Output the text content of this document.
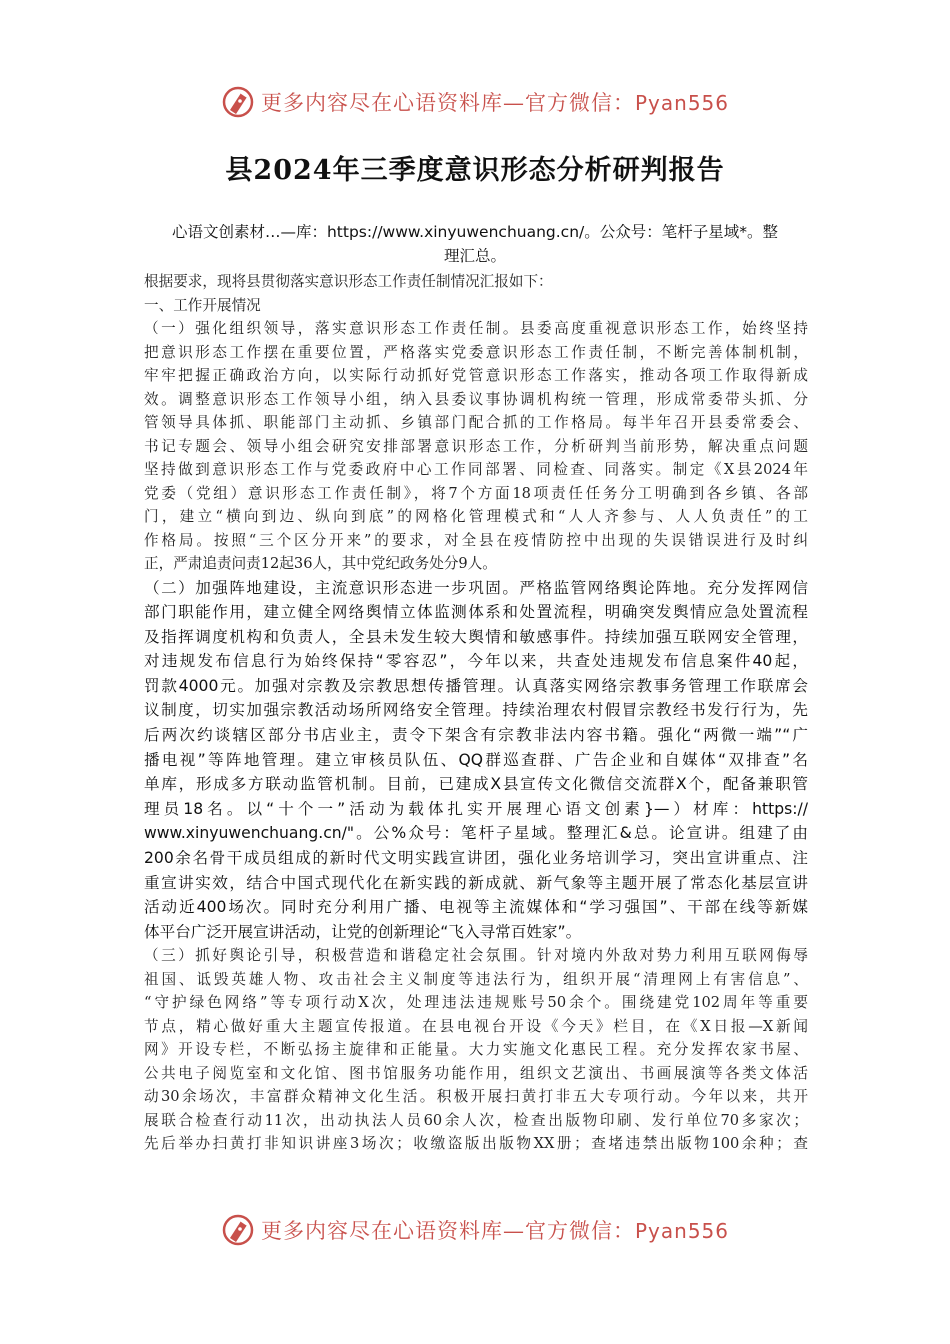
更多内容尽在心语资料库—官方微信：Pyan556
县2024年三季度意识形态分析研判报告
心语文创素材…—库：https://www.xinyuwenchuang.cn/。公众号：笔杆子星域*。整
理汇总。
根据要求，现将县贯彻落实意识形态工作责任制情况汇报如下：
一、工作开展情况
（一）强化组织领导，落实意识形态工作责任制。县委高度重视意识形态工作，始终坚持
把意识形态工作摆在重要位置，严格落实党委意识形态工作责任制，不断完善体制机制，
牢牢把握正确政治方向，以实际行动抓好党管意识形态工作落实，推动各项工作取得新成
效。调整意识形态工作领导小组，纳入县委议事协调机构统一管理，形成常委带头抓、分
管领导具体抓、职能部门主动抓、乡镇部门配合抓的工作格局。每半年召开县委常委会、
书记专题会、领导小组会研究安排部署意识形态工作，分析研判当前形势，解决重点问题
坚持做到意识形态工作与党委政府中心工作同部署、同检查、同落实。制定《X县2024年
党委（党组）意识形态工作责任制》，将7个方面18项责任任务分工明确到各乡镇、各部
门，建立“横向到边、纵向到底”的网格化管理模式和“人人齐参与、人人负责任”的工
作格局。按照“三个区分开来”的要求，对全县在疫情防控中出现的失误错误进行及时纠
正，严肃追责问责12起36人，其中党纪政务处分9人。
（二）加强阵地建设，主流意识形态进一步巩固。严格监管网络舆论阵地。充分发挥网信
部门职能作用，建立健全网络舆情立体监测体系和处置流程，明确突发舆情应急处置流程
及指挥调度机构和负责人，全县未发生较大舆情和敏感事件。持续加强互联网安全管理，
对违规发布信息行为始终保持“零容忍”，今年以来，共查处违规发布信息案件40起，
罚款4000元。加强对宗教及宗教思想传播管理。认真落实网络宗教事务管理工作联席会
议制度，切实加强宗教活动场所网络安全管理。持续治理农村假冒宗教经书发行行为，先
后两次约谈辖区部分书店业主，责令下架含有宗教非法内容书籍。强化“两微一端”“广
播电视”等阵地管理。建立审核员队伍、QQ群巡查群、广告企业和自媒体“双排查”名
单库，形成多方联动监管机制。目前，已建成X县宣传文化微信交流群X个，配备兼职管
理员18名。以“十个一”活动为载体扎实开展理心语文创素}—）材库：https://
www.xinyuwenchuang.cn/"。公%众号：笔杆子星域。整理汇&总。论宣讲。组建了由
200余名骨干成员组成的新时代文明实践宣讲团，强化业务培训学习，突出宣讲重点、注
重宣讲实效，结合中国式现代化在新实践的新成就、新气象等主题开展了常态化基层宣讲
活动近400场次。同时充分利用广播、电视等主流媒体和“学习强国”、干部在线等新媒
体平台广泛开展宣讲活动，让党的创新理论“飞入寻常百姓家”。
（三）抓好舆论引导，积极营造和谐稳定社会氛围。针对境内外敌对势力利用互联网侮辱
祖国、诋毁英雄人物、攻击社会主义制度等违法行为，组织开展“清理网上有害信息”、
“守护绿色网络”等专项行动X次，处理违法违规账号50余个。围绕建党102周年等重要
节点，精心做好重大主题宣传报道。在县电视台开设《今天》栏目，在《X日报—X新闻
网》开设专栏，不断弘扬主旋律和正能量。大力实施文化惠民工程。充分发挥农家书屋、
公共电子阅览室和文化馆、图书馆服务功能作用，组织文艺演出、书画展演等各类文体活
动30余场次，丰富群众精神文化生活。积极开展扫黄打非五大专项行动。今年以来，共开
展联合检查行动11次，出动执法人员60余人次，检查出版物印刷、发行单位70多家次；
先后举办扫黄打非知识讲座3场次；收缴盗版出版物XX册；查堵违禁出版物100余种；查
更多内容尽在心语资料库—官方微信：Pyan556
